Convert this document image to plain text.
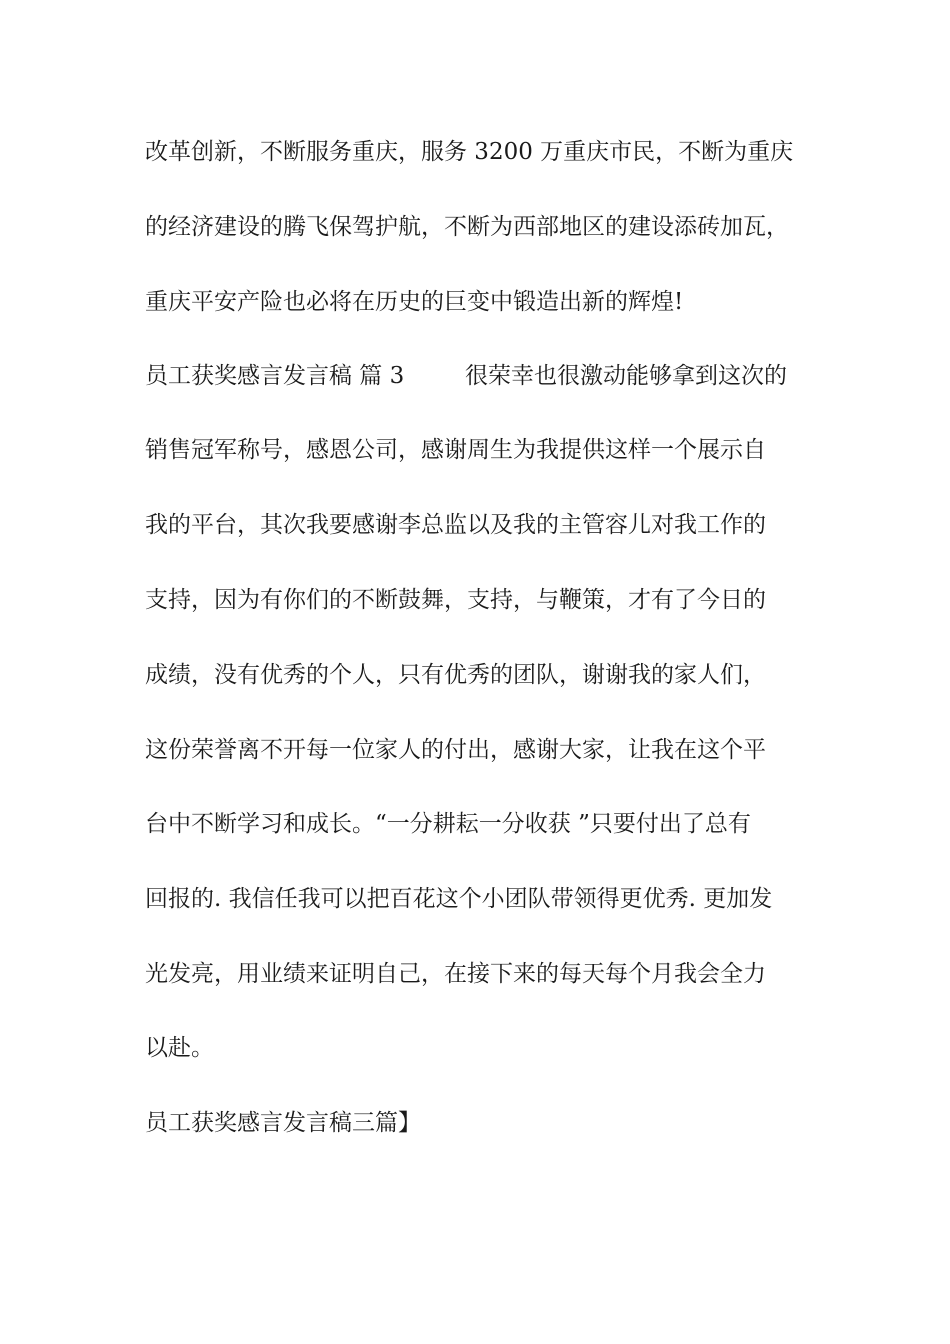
改革创新，不断服务重庆，服务 3200 万重庆市民，不断为重庆

的经济建设的腾飞保驾护航，不断为西部地区的建设添砖加瓦，

重庆平安产险也必将在历史的巨变中锻造出新的辉煌!

员工获奖感言发言稿 篇 3	很荣幸也很激动能够拿到这次的

销售冠军称号，感恩公司，感谢周生为我提供这样一个展示自

我的平台，其次我要感谢李总监以及我的主管容儿对我工作的

支持，因为有你们的不断鼓舞，支持，与鞭策，才有了今日的

成绩，没有优秀的个人，只有优秀的团队，谢谢我的家人们，

这份荣誉离不开每一位家人的付出，感谢大家，让我在这个平

台中不断学习和成长。“一分耕耘一分收获 ”只要付出了总有

回报的. 我信任我可以把百花这个小团队带领得更优秀. 更加发

光发亮，用业绩来证明自己，在接下来的每天每个月我会全力

以赴。

员工获奖感言发言稿三篇】
